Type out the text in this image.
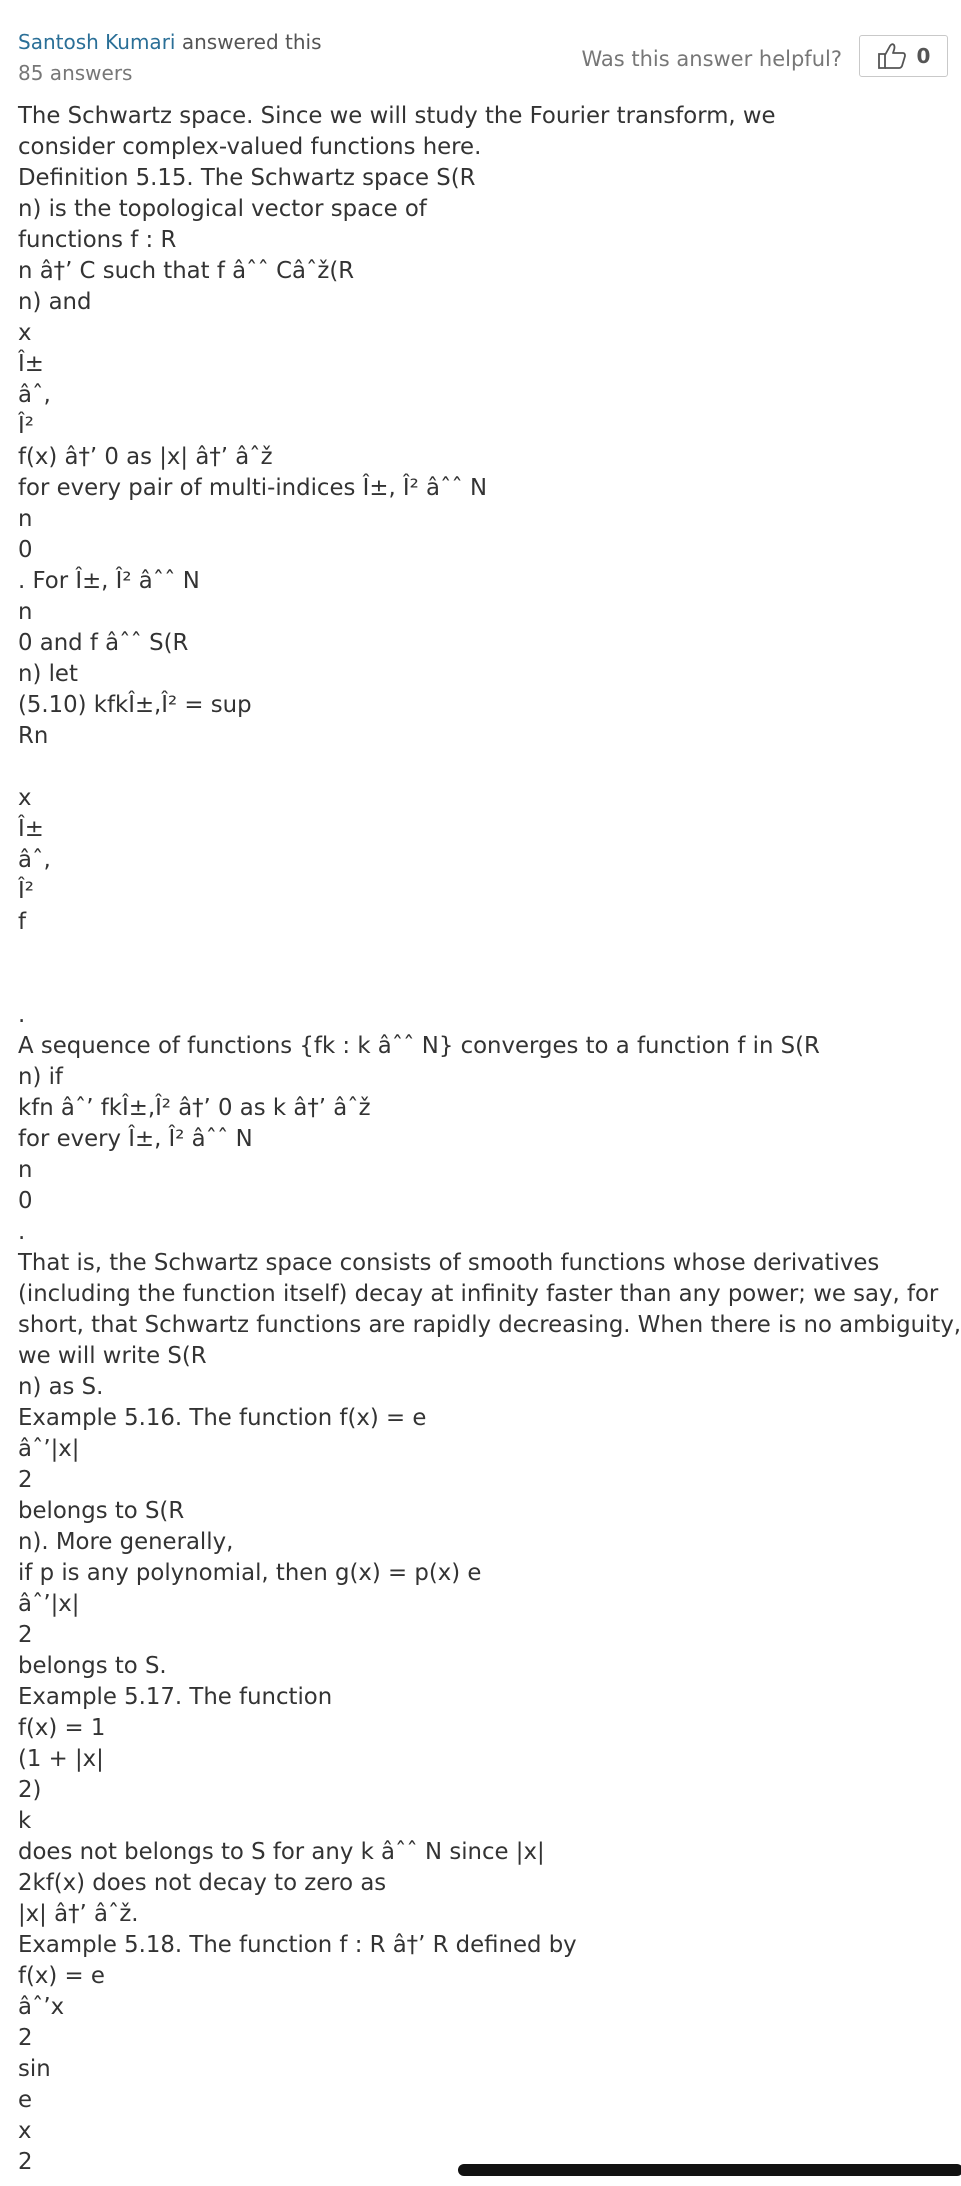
Santosh Kumari answered this
85 answers
Was this answer helpful?	0
The Schwartz space. Since we will study the Fourier transform, we
consider complex-valued functions here.
Definition 5.15. The Schwartz space S(R
n) is the topological vector space of
functions f : R
n â†’ C such that f âˆˆ Câˆž(R
n) and
x
Î±
âˆ‚
Î²
f(x) â†’ 0 as |x| â†’ âˆž
for every pair of multi-indices Î±, Î² âˆˆ N
n
0
. For Î±, Î² âˆˆ N
n
0 and f âˆˆ S(R
n) let
(5.10) kfkÎ±,Î² = sup
Rn
x
Î±
âˆ‚
Î²
f
.
A sequence of functions {fk : k âˆˆ N} converges to a function f in S(R
n) if
kfn âˆ’ fkÎ±,Î² â†’ 0 as k â†’ âˆž
for every Î±, Î² âˆˆ N
n
0
.
That is, the Schwartz space consists of smooth functions whose derivatives
(including the function itself) decay at infinity faster than any power; we say, for
short, that Schwartz functions are rapidly decreasing. When there is no ambiguity,
we will write S(R
n) as S.
Example 5.16. The function f(x) = e
âˆ’|x|
2
belongs to S(R
n). More generally,
if p is any polynomial, then g(x) = p(x) e
âˆ’|x|
2
belongs to S.
Example 5.17. The function
f(x) = 1
(1 + |x|
2)
k
does not belongs to S for any k âˆˆ N since |x|
2kf(x) does not decay to zero as
|x| â†’ âˆž.
Example 5.18. The function f : R â†’ R defined by
f(x) = e
âˆ’x
2
sin
e
x
2
